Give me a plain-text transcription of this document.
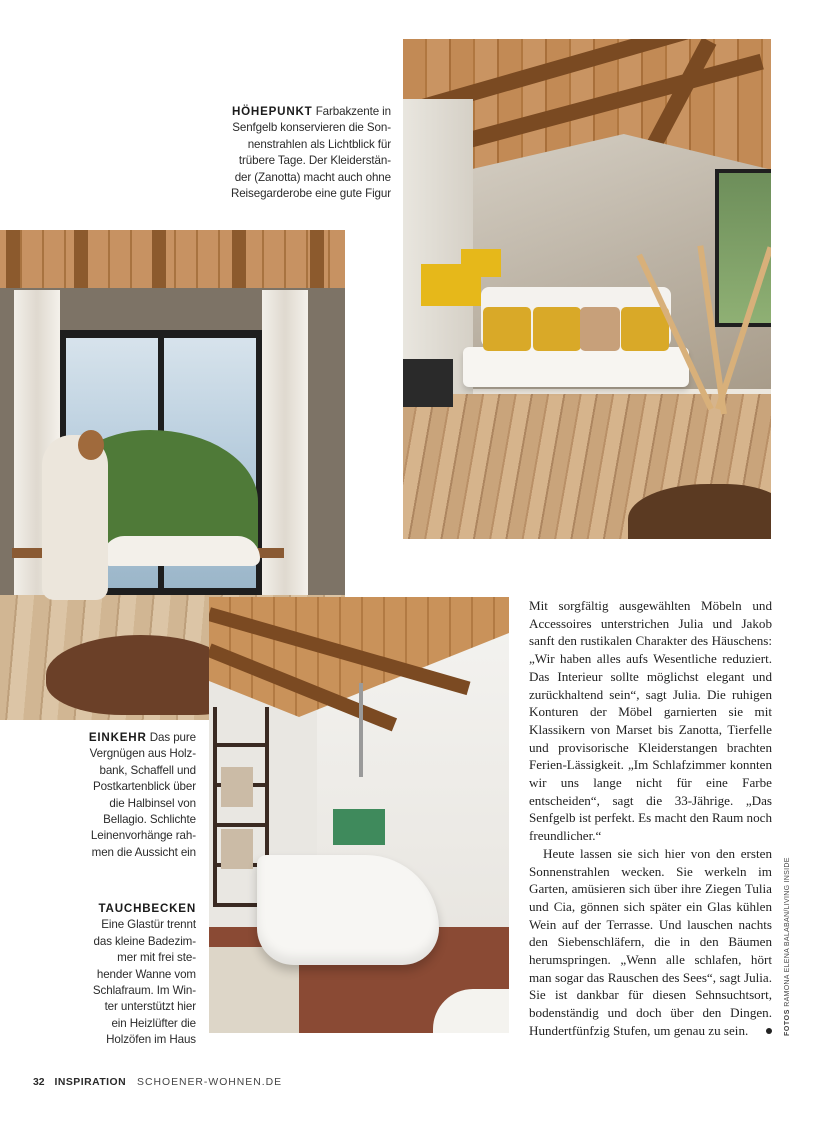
HÖHEPUNKT Farbakzente in
Senfgelb konservieren die Son-
nenstrahlen als Lichtblick für
trübere Tage. Der Kleiderstän-
der (Zanotta) macht auch ohne
Reisegarderobe eine gute Figur
EINKEHR Das pure
Vergnügen aus Holz-
bank, Schaffell und
Postkartenblick über
die Halbinsel von
Bellagio. Schlichte
Leinenvorhänge rah-
men die Aussicht ein
TAUCHBECKEN
Eine Glastür trennt
das kleine Badezim-
mer mit frei ste-
hender Wanne vom
Schlafraum. Im Win-
ter unterstützt hier
ein Heizlüfter die
Holzöfen im Haus

Mit sorgfältig ausgewählten Möbeln und Accessoires unterstrichen Julia und Jakob sanft den rustikalen Charakter des Häuschens: „Wir haben alles aufs Wesentliche reduziert. Das Interieur sollte möglichst elegant und zurückhaltend sein“, sagt Julia. Die ruhigen Konturen der Möbel garnierten sie mit Klassikern von Marset bis Zanotta, Tierfelle und provisorische Kleiderstangen brachten Ferien-Lässigkeit. „Im Schlafzimmer konnten wir uns lange nicht für eine Farbe entscheiden“, sagt die 33-Jährige. „Das Senfgelb ist perfekt. Es macht den Raum noch freundlicher.“

Heute lassen sie sich hier von den ersten Sonnenstrahlen wecken. Sie werkeln im Garten, amüsieren sich über ihre Ziegen Tulia und Cia, gönnen sich später ein Glas kühlen Wein auf der Terrasse. Und lauschen nachts den Siebenschläfern, die in den Bäumen herumspringen. „Wenn alle schlafen, hört man sogar das Rauschen des Sees“, sagt Julia. Sie ist dankbar für diesen Sehnsuchtsort, bodenständig und doch über den Dingen. Hundertfünfzig Stufen, um genau zu sein.	FOTOS RAMONA ELENA BALABAN/LIVING INSIDE
32 INSPIRATION SCHOENER-WOHNEN.DE
